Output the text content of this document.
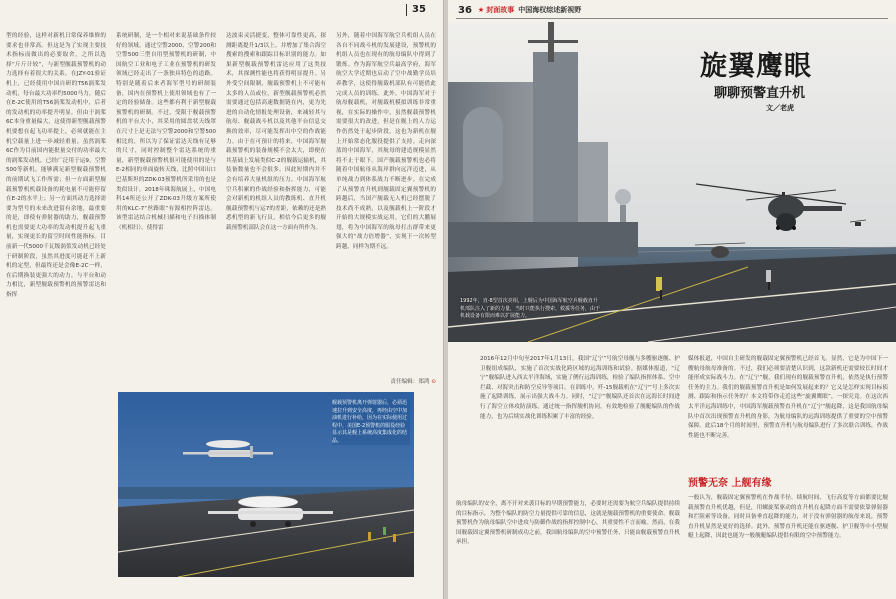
35
型的经验，这样对新机日常保养维修的要求也非常高。但这是为了实现主要技术指标而做出的必要取舍。之所以选择“斤斤计较”，与新型舰载预警机的动力选择有着很大的关系。在JZY-01验证机上，已经使用中国自研的T56涡桨发动机，每台最大功率约5000马力，随后在E-2C使用的T56涡桨发动机中，后者的发动机的功率提升明显。但由于涡桨6C本身重量偏大，这使得新型舰载预警机要想在起飞功率提上，必须就能在主机空载量上进一步减轻重量。虽然涡桨6C作为目前国内能批量交付的功率最大的涡桨发动机，已经广泛用于运9、空警500等新机。能够满足新型舰载预警机的前期试飞工作所需；但一方面新型舰载预警机机载设备的耗电量不可能停留在E-2的水平上；另一方面其动力选择需要为型号的未来改进留有余地，最重要的是，即使有弹射器的助力，舰载预警机也需要更大功率的发动机提升起飞重量，实现更长的留空时间性能指标。目前新一代5000千瓦级涡浆发动机已经处于研制阶段，虽然其进度可能赶不上新机的定型，但最终还是会像E-2C一样，在后期换装更强大的动力。与平台和动力相比，新型舰载预警机的预警雷达和指挥
系统研制，是一个相对来说基础条件较好的领域。通过空警2000、空警200和空警500三型自用型预警机的研制，中国航空工业和电子工业在预警机的研发领域已经走出了一条独具特色的道路。特别是随着后来者海军型号的研制装备，国内在预警机上使用领域也有了一定的经验储备。这些都有利于新型舰载预警机的研制。不过，受限于舰载预警机的平台大小，其采用的圆盘状天线罩在尺寸上是无法与空警2000和空警500相比的，所以为了保证雷达天线有足够的尺寸，同时控制整个雷达系统的重量，新型舰载预警机很可能使用的是与E-2相同的单面旋转天线，比照中国出口巴基斯坦的ZDK-03预警机所采用的也是类似设计。2018年珠海航展上，中国电科14所还公开了ZDK-03升级方案所使用的KLC-7“丝路眼”有源相控阵雷达。该型雷达结合机械扫描和电子扫描体制（机相扫），使得雷
达波束灵活捷变，整体可靠性更高，探测距离提升1/3以上。并增加了集合海空搜索的搜索和跟踪目标识别的能力。如果新型舰载预警机雷达应用了这类技术，其探测性能也将获得明显提升。另外受空间限制，舰载预警机上不可能有太多的人员或位，新型舰载预警机必然需要通过包括高速数据链在内，更为先进的自动化情报处理设备，来减轻其与航母、舰载战斗机以及其他平台信息交换的效率，尽可能发挥出中空的作战能力。由于在可预计的将来，中国海军舰载预警机的装备规模不会太大，即便在其基础上发展类似C-2的舰载运输机，其装备数量也不会很多。因此短期内并不会有培养大量机组的压力。中国海军航空兵积累的作战经验和指挥能力，可能会对新机的机组人员的教练机、直升机舰载预警机与运7的差距，依赖的还是熟悉机型的新飞行员，相信今后更多的舰载预警机部队会在这一方面有所作为。
另外，随着中国海军航空兵机组人员在各自不同战斗机的发展建设，预警机的机组人员也在现有的航母编队中得到了锻炼。作为海军航空兵最高学府，海军航空大学近期也启动了空中战勤学员培养教学，这使得舰载机部队有可能借此完成人员的训练。此外，中国海军对于航母舰载机，对舰载机模拟训练非常重视，在实际的操作中，虽然舰载预警机需要很大的改进，但是在舰上的人力运作仍然处于起步阶段，这也为新机在舰上开始常态化服役提供了支持。走向深蓝的中国海军，其航母的建造规模显然将不止于眼下。国产舰载预警机也必将随着中国航母从海岸群向远洋迈进，从单纯战力到体系战力不断进步。在完成了从预警直升机到舰载固定翼预警机的跨越后，当国产舰载无人机已经摆脱了技术尚不成熟，以及舰载机上一阶段才开始的大规模实战运用，它们的大鹏展翅，将为中国海军的航母打击群带来更强大的“战力倍增器”，实现下一次转型跨越，同样为期不远。
责任编辑：郑鸿 ⊙
舰载预警机离开弹射器后，必须迅速拉升到安全高度，再经由空中加油机进行补给，因为在实际使用过程中，美国E-2预警机的服役经验显示其是舰上系统高度集成化的结晶。
36 ★ 封面故事 中国海权综述新视野
1992年，直-8型首次亮相，上舰后为中国海军航空兵舰载直升机部队注入了新的力量，当时只能执行搜索、救援等任务，由于机载设备有限而难以扩展能力。
旋翼鹰眼
聊聊预警直升机
文／老虎
2016年12月中旬至2017年1月13日，我国“辽宁”号航空母舰与多艘驱逐舰、护卫舰组成编队，实施了首次实战化跨区域的远海训练和试验。据媒体报道，“辽宁”舰编队进入西太平洋海域，实施了例行远海训练，检验了编队指挥体系、空中拦截、对海突击和防空反导等项目。在训练中，歼-15舰载机在“辽宁”号上多次实施了起降训练，展示出强大战斗力。同时，“辽宁”舰编队还首次在远海长时间进行了海空立体攻防演练，通过统一指挥舰机协同，有效地检验了舰艇编队的作战能力，也为后续实战化训练积累了丰富的经验。
航母编队的安全，离不开对来袭目标的早期预警能力，必要时还需要为航空兵编队提供持续的目标指示。为整个编队的防空力量提供可靠的信息，这就是舰载预警机的重要使命。舰载预警机作为航母编队空中进攻与防御作战的指挥控制中心，其重要性不言而喻。然而，在我国舰载固定翼预警机研制成功之前，我国航母编队的空中预警任务，只能由舰载预警直升机承担。
媒体报道，中国自主研发的舰载固定翼预警机已经首飞。显然，它是为中国下一艘航母航母准备的。不过，我们必须要清楚认识到，这款新机还需要较长时间才能形成实际战斗力。在“辽宁”舰，我们现有的舰载预警直升机，依然是执行预警任务的主力。我们的舰载预警直升机是如何发展起来的？它又是怎样实现目标侦测、跟踪和指示任务的？本文将带你走近这些“旋翼鹰眼”，一探究竟。在这次西太平洋远海训练中，中国海军舰载预警直升机在“辽宁”舰起降，这是我国航母编队中首次出现预警直升机的身影，为航母编队的远海训练提供了重要的空中预警保障。此后18个月的时间里，预警直升机与航母编队进行了多次联合训练，作战性能也不断完善。
预警无奈 上舰有缘
一般认为，舰载固定翼预警机在作战半径、续航时间、飞行高度等方面都要比舰载预警直升机优越，但是，用螺旋桨驱动的直升机在起降方面不需要依靠弹射器和拦阻索等设备，同时具备垂直起降的能力，对于没有弹射器的航母来说，预警直升机显然是更好的选择。此外，预警直升机还能在驱逐舰、护卫舰等中小型舰艇上起降，因此也能为一般舰艇编队提供有限的空中预警能力。
